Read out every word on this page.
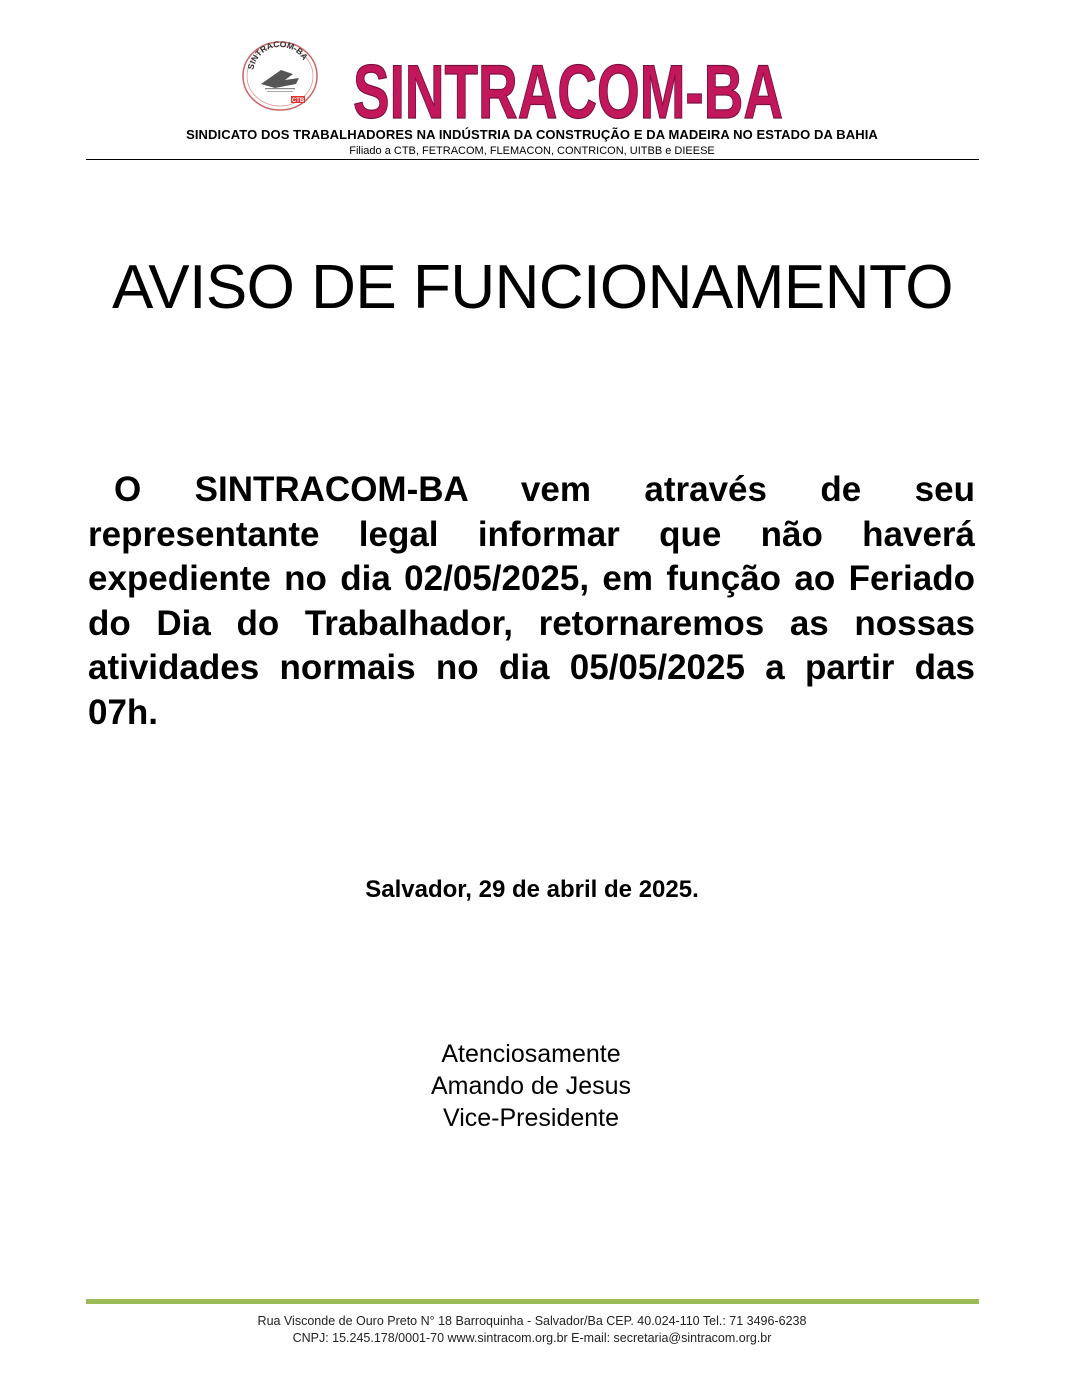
SINTRACOM-BA
CTB SINTRACOM-BA
SINDICATO DOS TRABALHADORES NA INDÚSTRIA DA CONSTRUÇÃO E DA MADEIRA NO ESTADO DA BAHIA
Filiado a CTB, FETRACOM, FLEMACON, CONTRICON, UITBB e DIEESE
AVISO DE FUNCIONAMENTO

O SINTRACOM-BA vem através de seu representante legal informar que não haverá expediente no dia 02/05/2025, em função ao Feriado do Dia do Trabalhador, retornaremos as nossas atividades normais no dia 05/05/2025 a partir das 07h.

Salvador, 29 de abril de 2025.
Atenciosamente
Amando de Jesus
Vice-Presidente
Rua Visconde de Ouro Preto N° 18 Barroquinha - Salvador/Ba CEP. 40.024-110 Tel.: 71 3496-6238
CNPJ: 15.245.178/0001-70 www.sintracom.org.br E-mail: secretaria@sintracom.org.br
